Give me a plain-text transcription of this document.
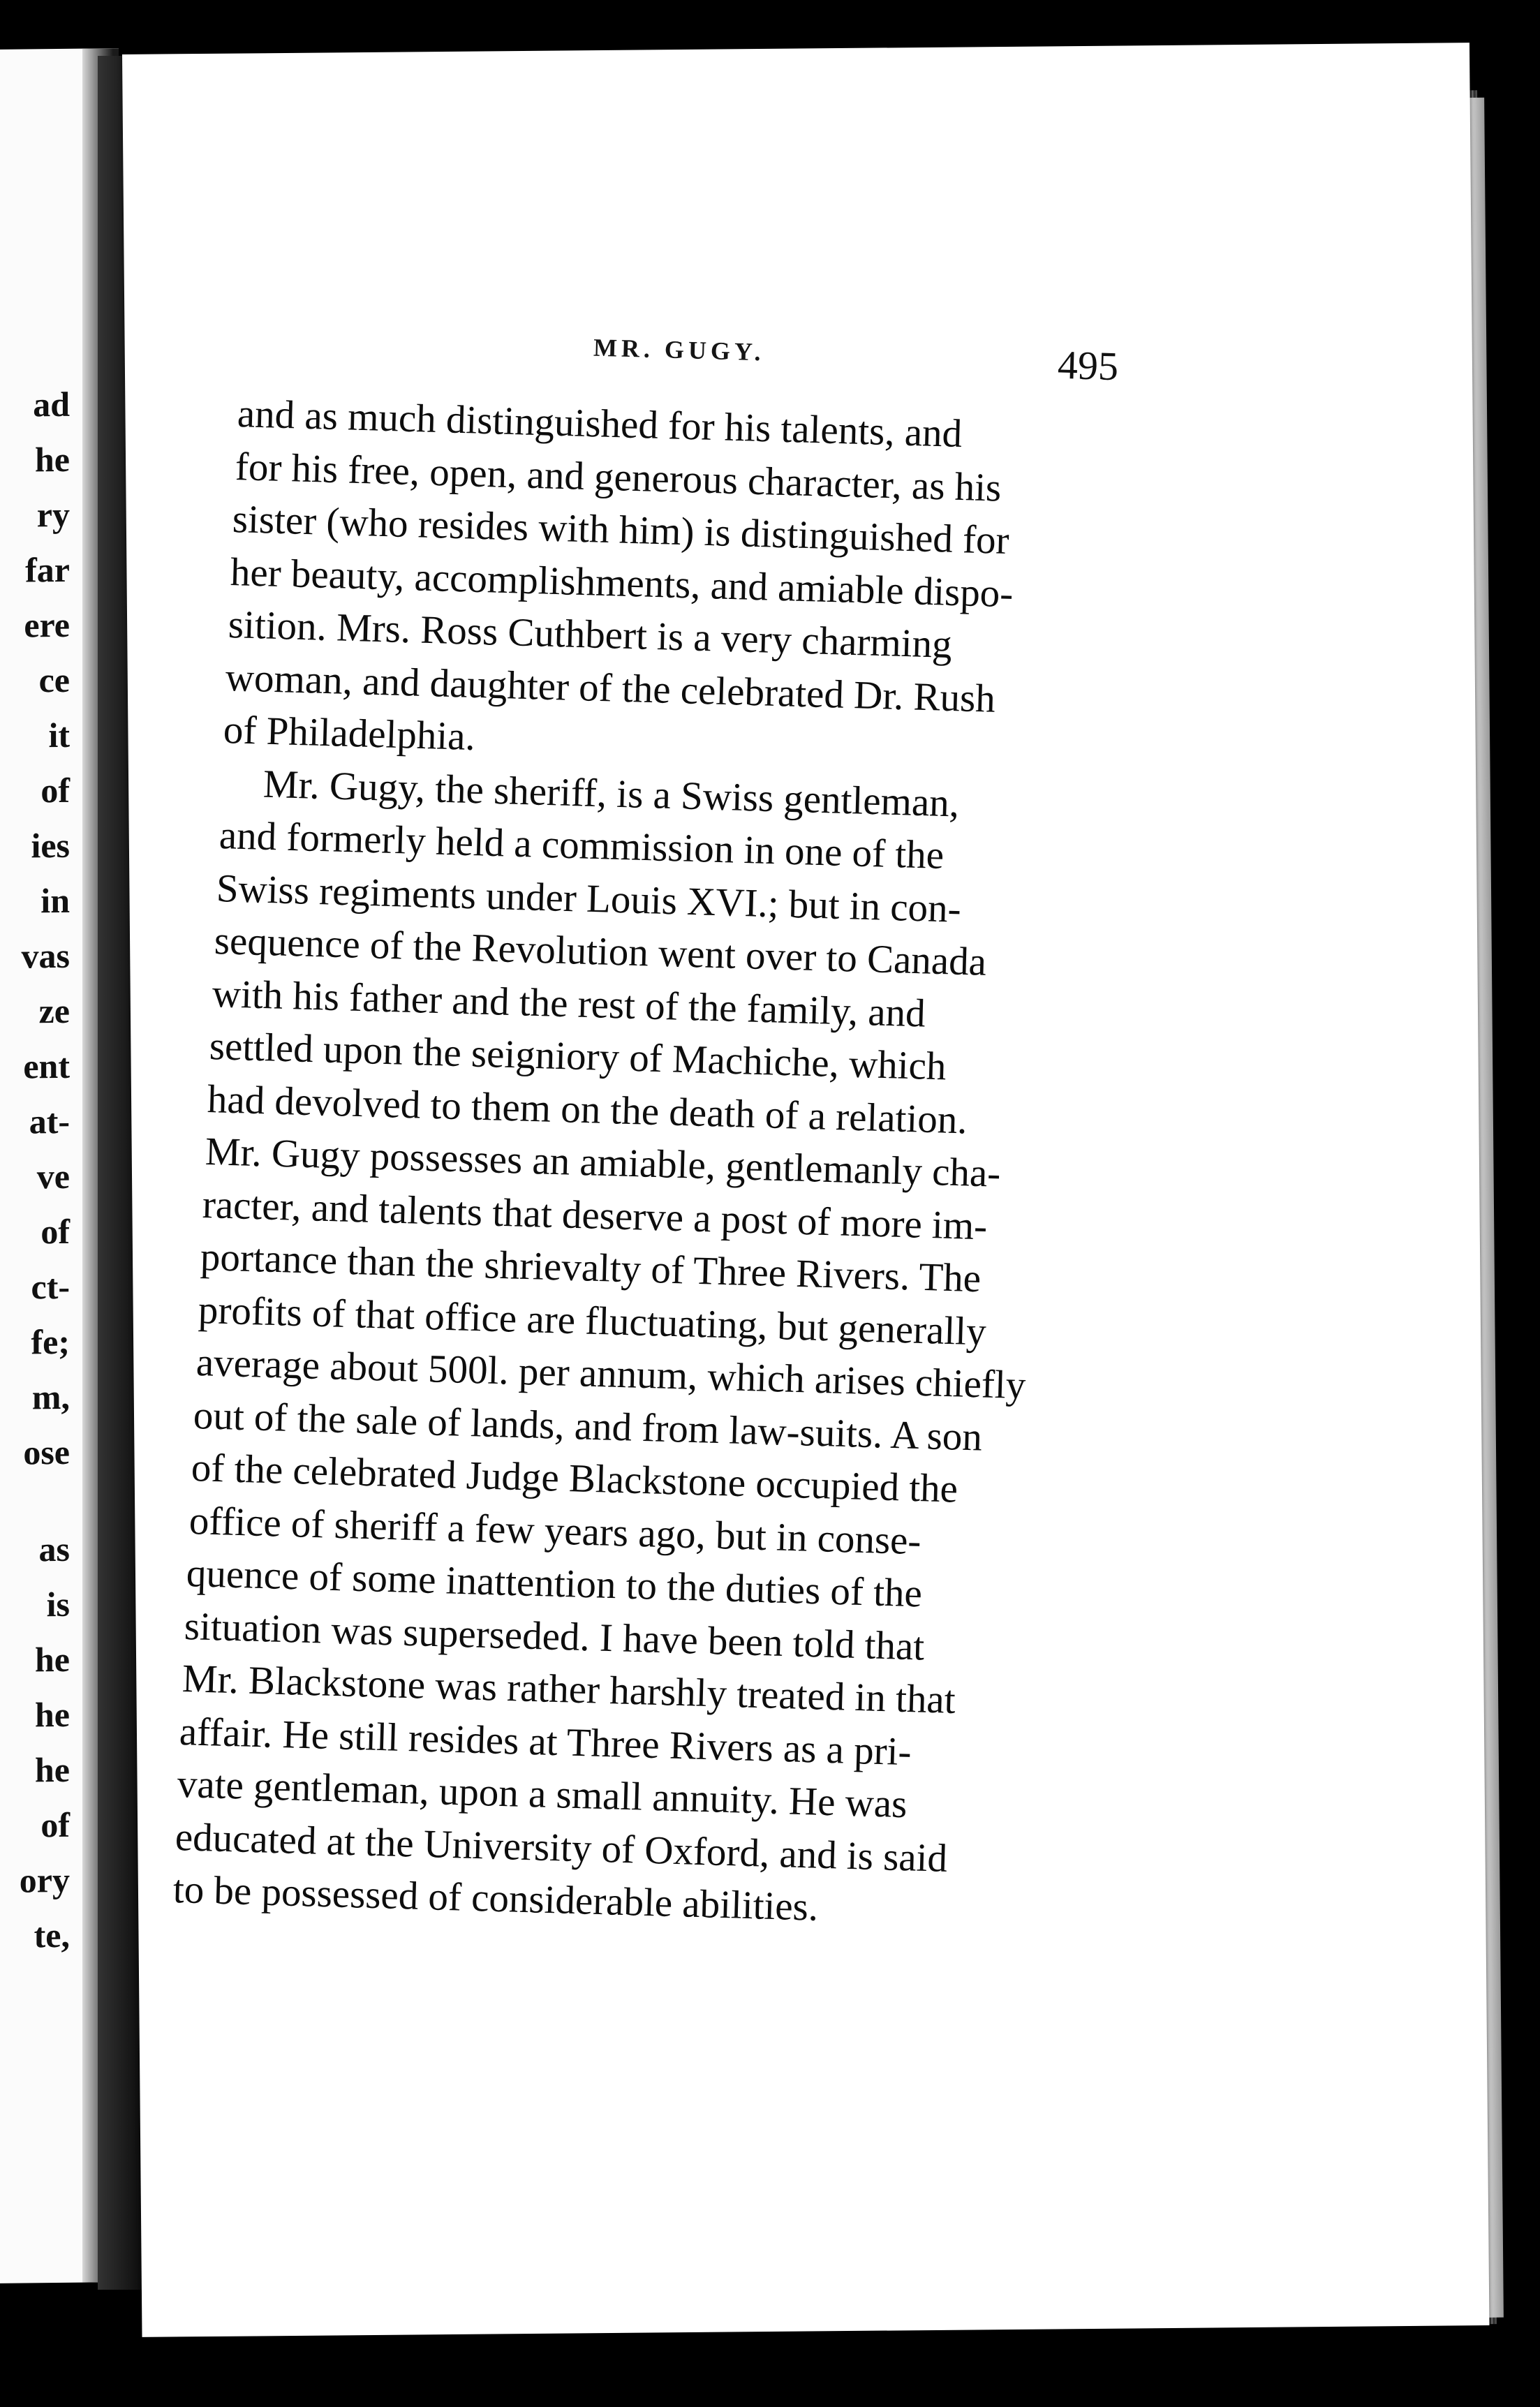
ad
he
ry
far
ere
ce
it
of
ies
in
vas
ze
ent
at-
ve
of
ct-
fe;
m,
ose
as
is
he
he
he
of
ory
te,
MR. GUGY.	495
and as much distinguished for his talents, and
for his free, open, and generous character, as his
sister (who resides with him) is distinguished for
her beauty, accomplishments, and amiable dispo-
sition. Mrs. Ross Cuthbert is a very charming
woman, and daughter of the celebrated Dr. Rush
of Philadelphia.
Mr. Gugy, the sheriff, is a Swiss gentleman,
and formerly held a commission in one of the
Swiss regiments under Louis XVI.; but in con-
sequence of the Revolution went over to Canada
with his father and the rest of the family, and
settled upon the seigniory of Machiche, which
had devolved to them on the death of a relation.
Mr. Gugy possesses an amiable, gentlemanly cha-
racter, and talents that deserve a post of more im-
portance than the shrievalty of Three Rivers. The
profits of that office are fluctuating, but generally
average about 500l. per annum, which arises chiefly
out of the sale of lands, and from law-suits. A son
of the celebrated Judge Blackstone occupied the
office of sheriff a few years ago, but in conse-
quence of some inattention to the duties of the
situation was superseded. I have been told that
Mr. Blackstone was rather harshly treated in that
affair. He still resides at Three Rivers as a pri-
vate gentleman, upon a small annuity. He was
educated at the University of Oxford, and is said
to be possessed of considerable abilities.
